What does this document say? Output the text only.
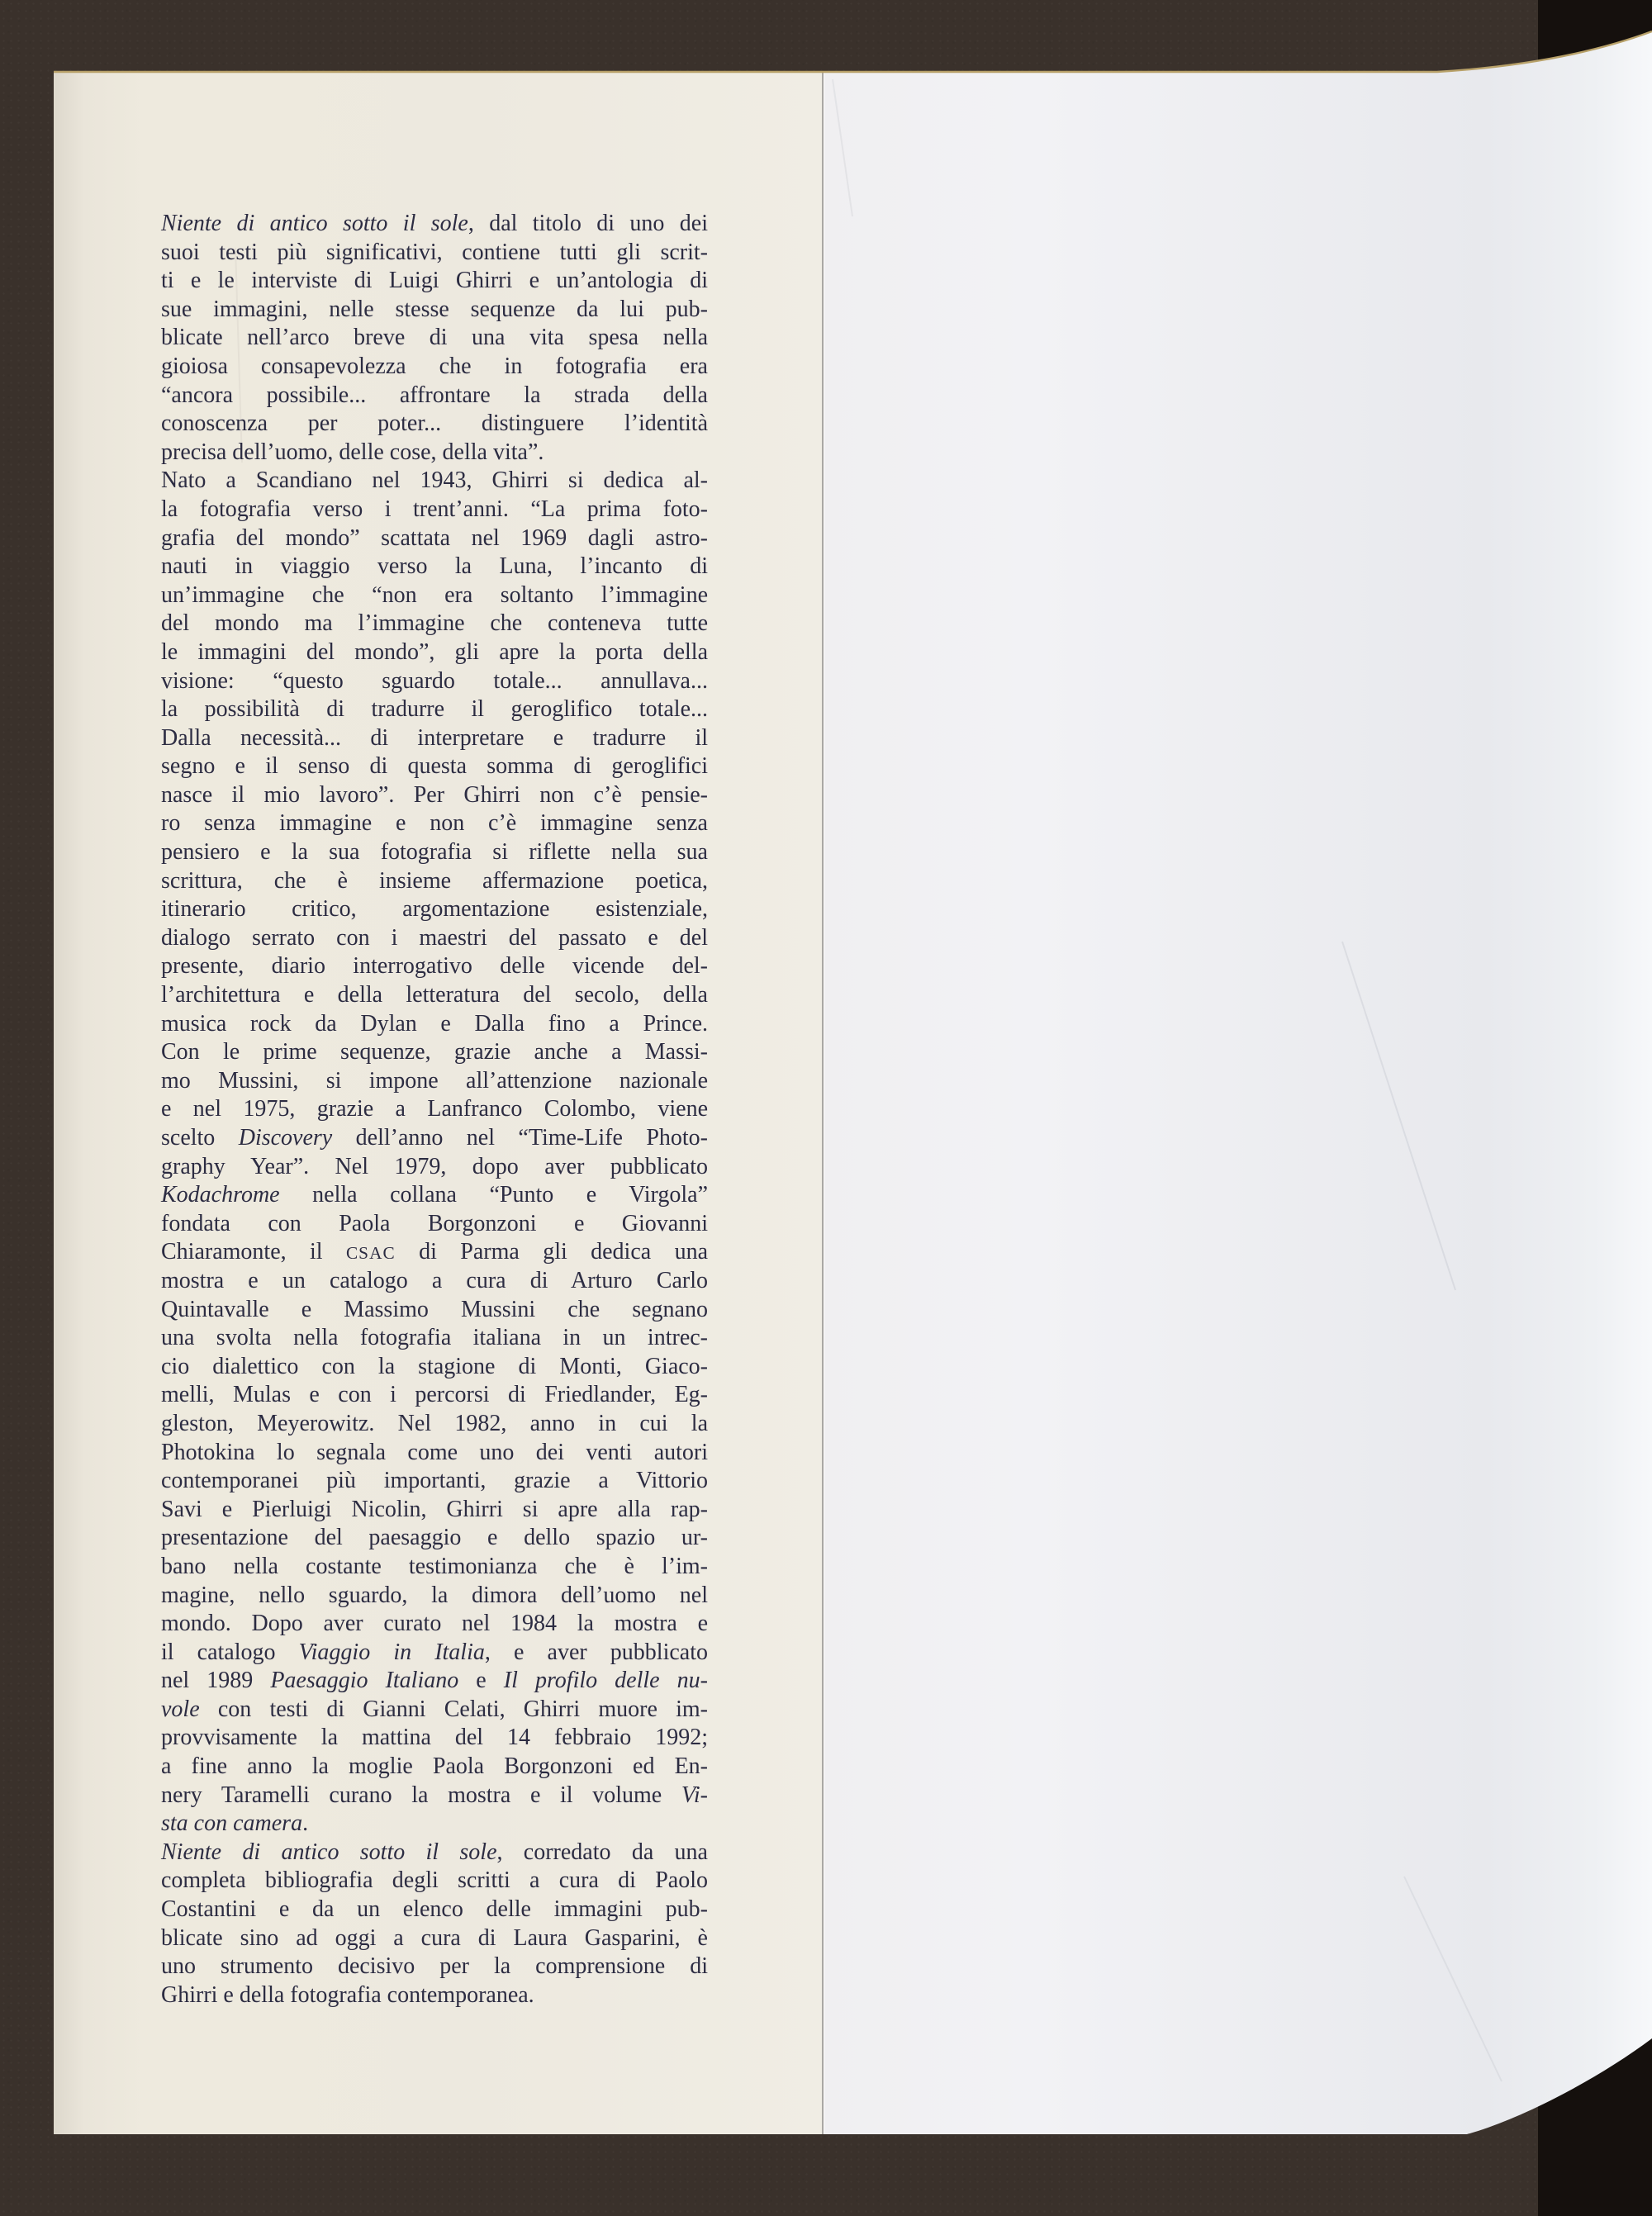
Niente di antico sotto il sole, dal titolo di uno dei
suoi testi più significativi, contiene tutti gli scrit-
ti e le interviste di Luigi Ghirri e un’antologia di
sue immagini, nelle stesse sequenze da lui pub-
blicate nell’arco breve di una vita spesa nella
gioiosa consapevolezza che in fotografia era
“ancora possibile... affrontare la strada della
conoscenza per poter... distinguere l’identità
precisa dell’uomo, delle cose, della vita”.
Nato a Scandiano nel 1943, Ghirri si dedica al-
la fotografia verso i trent’anni. “La prima foto-
grafia del mondo” scattata nel 1969 dagli astro-
nauti in viaggio verso la Luna, l’incanto di
un’immagine che “non era soltanto l’immagine
del mondo ma l’immagine che conteneva tutte
le immagini del mondo”, gli apre la porta della
visione: “questo sguardo totale... annullava...
la possibilità di tradurre il geroglifico totale...
Dalla necessità... di interpretare e tradurre il
segno e il senso di questa somma di geroglifici
nasce il mio lavoro”. Per Ghirri non c’è pensie-
ro senza immagine e non c’è immagine senza
pensiero e la sua fotografia si riflette nella sua
scrittura, che è insieme affermazione poetica,
itinerario critico, argomentazione esistenziale,
dialogo serrato con i maestri del passato e del
presente, diario interrogativo delle vicende del-
l’architettura e della letteratura del secolo, della
musica rock da Dylan e Dalla fino a Prince.
Con le prime sequenze, grazie anche a Massi-
mo Mussini, si impone all’attenzione nazionale
e nel 1975, grazie a Lanfranco Colombo, viene
scelto Discovery dell’anno nel “Time-Life Photo-
graphy Year”. Nel 1979, dopo aver pubblicato
Kodachrome nella collana “Punto e Virgola”
fondata con Paola Borgonzoni e Giovanni
Chiaramonte, il CSAC di Parma gli dedica una
mostra e un catalogo a cura di Arturo Carlo
Quintavalle e Massimo Mussini che segnano
una svolta nella fotografia italiana in un intrec-
cio dialettico con la stagione di Monti, Giaco-
melli, Mulas e con i percorsi di Friedlander, Eg-
gleston, Meyerowitz. Nel 1982, anno in cui la
Photokina lo segnala come uno dei venti autori
contemporanei più importanti, grazie a Vittorio
Savi e Pierluigi Nicolin, Ghirri si apre alla rap-
presentazione del paesaggio e dello spazio ur-
bano nella costante testimonianza che è l’im-
magine, nello sguardo, la dimora dell’uomo nel
mondo. Dopo aver curato nel 1984 la mostra e
il catalogo Viaggio in Italia, e aver pubblicato
nel 1989 Paesaggio Italiano e Il profilo delle nu-
vole con testi di Gianni Celati, Ghirri muore im-
provvisamente la mattina del 14 febbraio 1992;
a fine anno la moglie Paola Borgonzoni ed En-
nery Taramelli curano la mostra e il volume Vi-
sta con camera.
Niente di antico sotto il sole, corredato da una
completa bibliografia degli scritti a cura di Paolo
Costantini e da un elenco delle immagini pub-
blicate sino ad oggi a cura di Laura Gasparini, è
uno strumento decisivo per la comprensione di
Ghirri e della fotografia contemporanea.
